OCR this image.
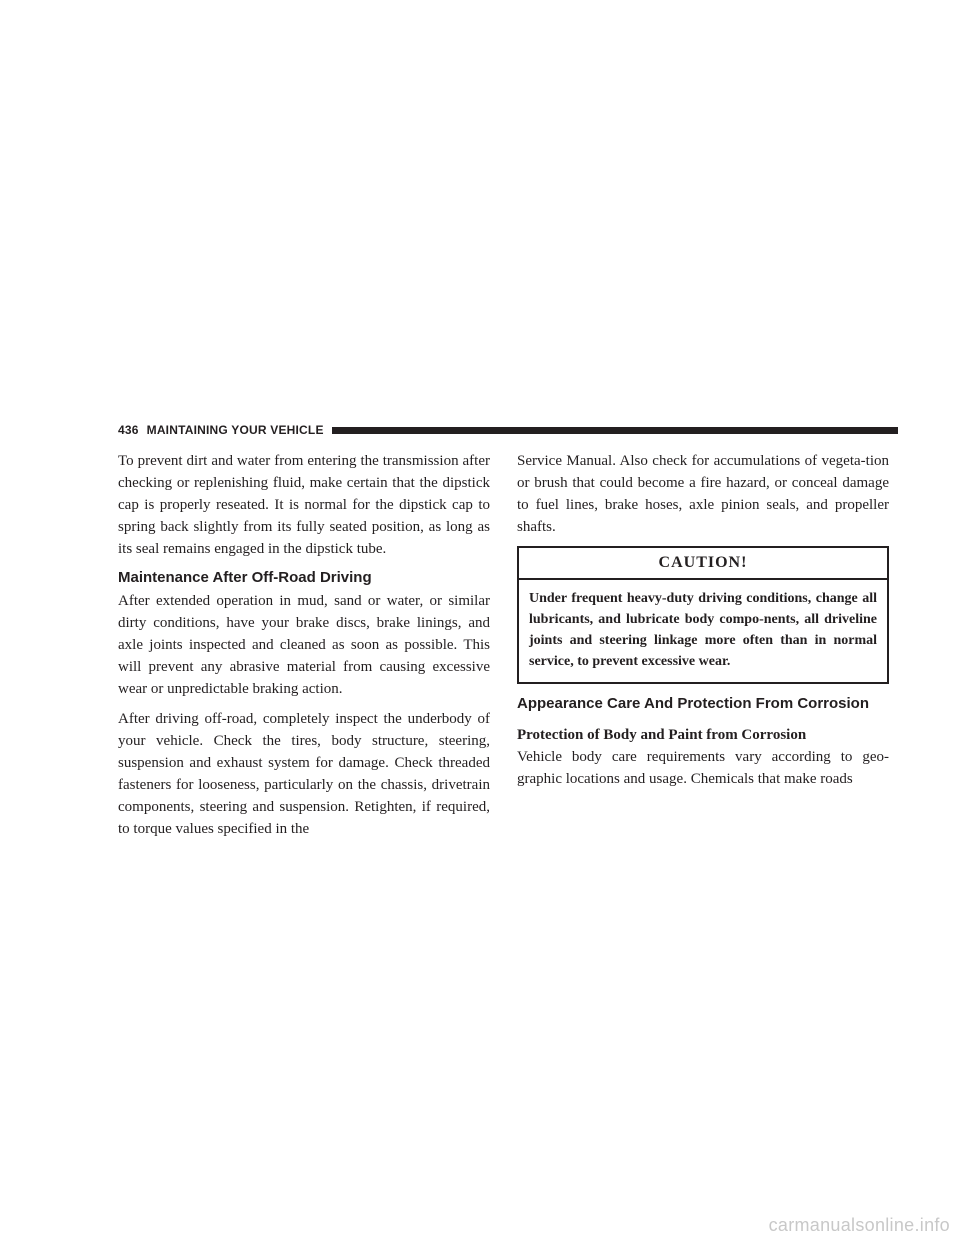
436 MAINTAINING YOUR VEHICLE

To prevent dirt and water from entering the transmission after checking or replenishing fluid, make certain that the dipstick cap is properly reseated. It is normal for the dipstick cap to spring back slightly from its fully seated position, as long as its seal remains engaged in the dipstick tube.

Maintenance After Off-Road Driving

After extended operation in mud, sand or water, or similar dirty conditions, have your brake discs, brake linings, and axle joints inspected and cleaned as soon as possible. This will prevent any abrasive material from causing excessive wear or unpredictable braking action.

After driving off-road, completely inspect the underbody of your vehicle. Check the tires, body structure, steering, suspension and exhaust system for damage. Check threaded fasteners for looseness, particularly on the chassis, drivetrain components, steering and suspension. Retighten, if required, to torque values specified in the

Service Manual. Also check for accumulations of vegeta-tion or brush that could become a fire hazard, or conceal damage to fuel lines, brake hoses, axle pinion seals, and propeller shafts.

CAUTION!

Under frequent heavy-duty driving conditions, change all lubricants, and lubricate body compo-nents, all driveline joints and steering linkage more often than in normal service, to prevent excessive wear.

Appearance Care And Protection From Corrosion
Protection of Body and Paint from Corrosion

Vehicle body care requirements vary according to geo-graphic locations and usage. Chemicals that make roads

carmanualsonline.info
